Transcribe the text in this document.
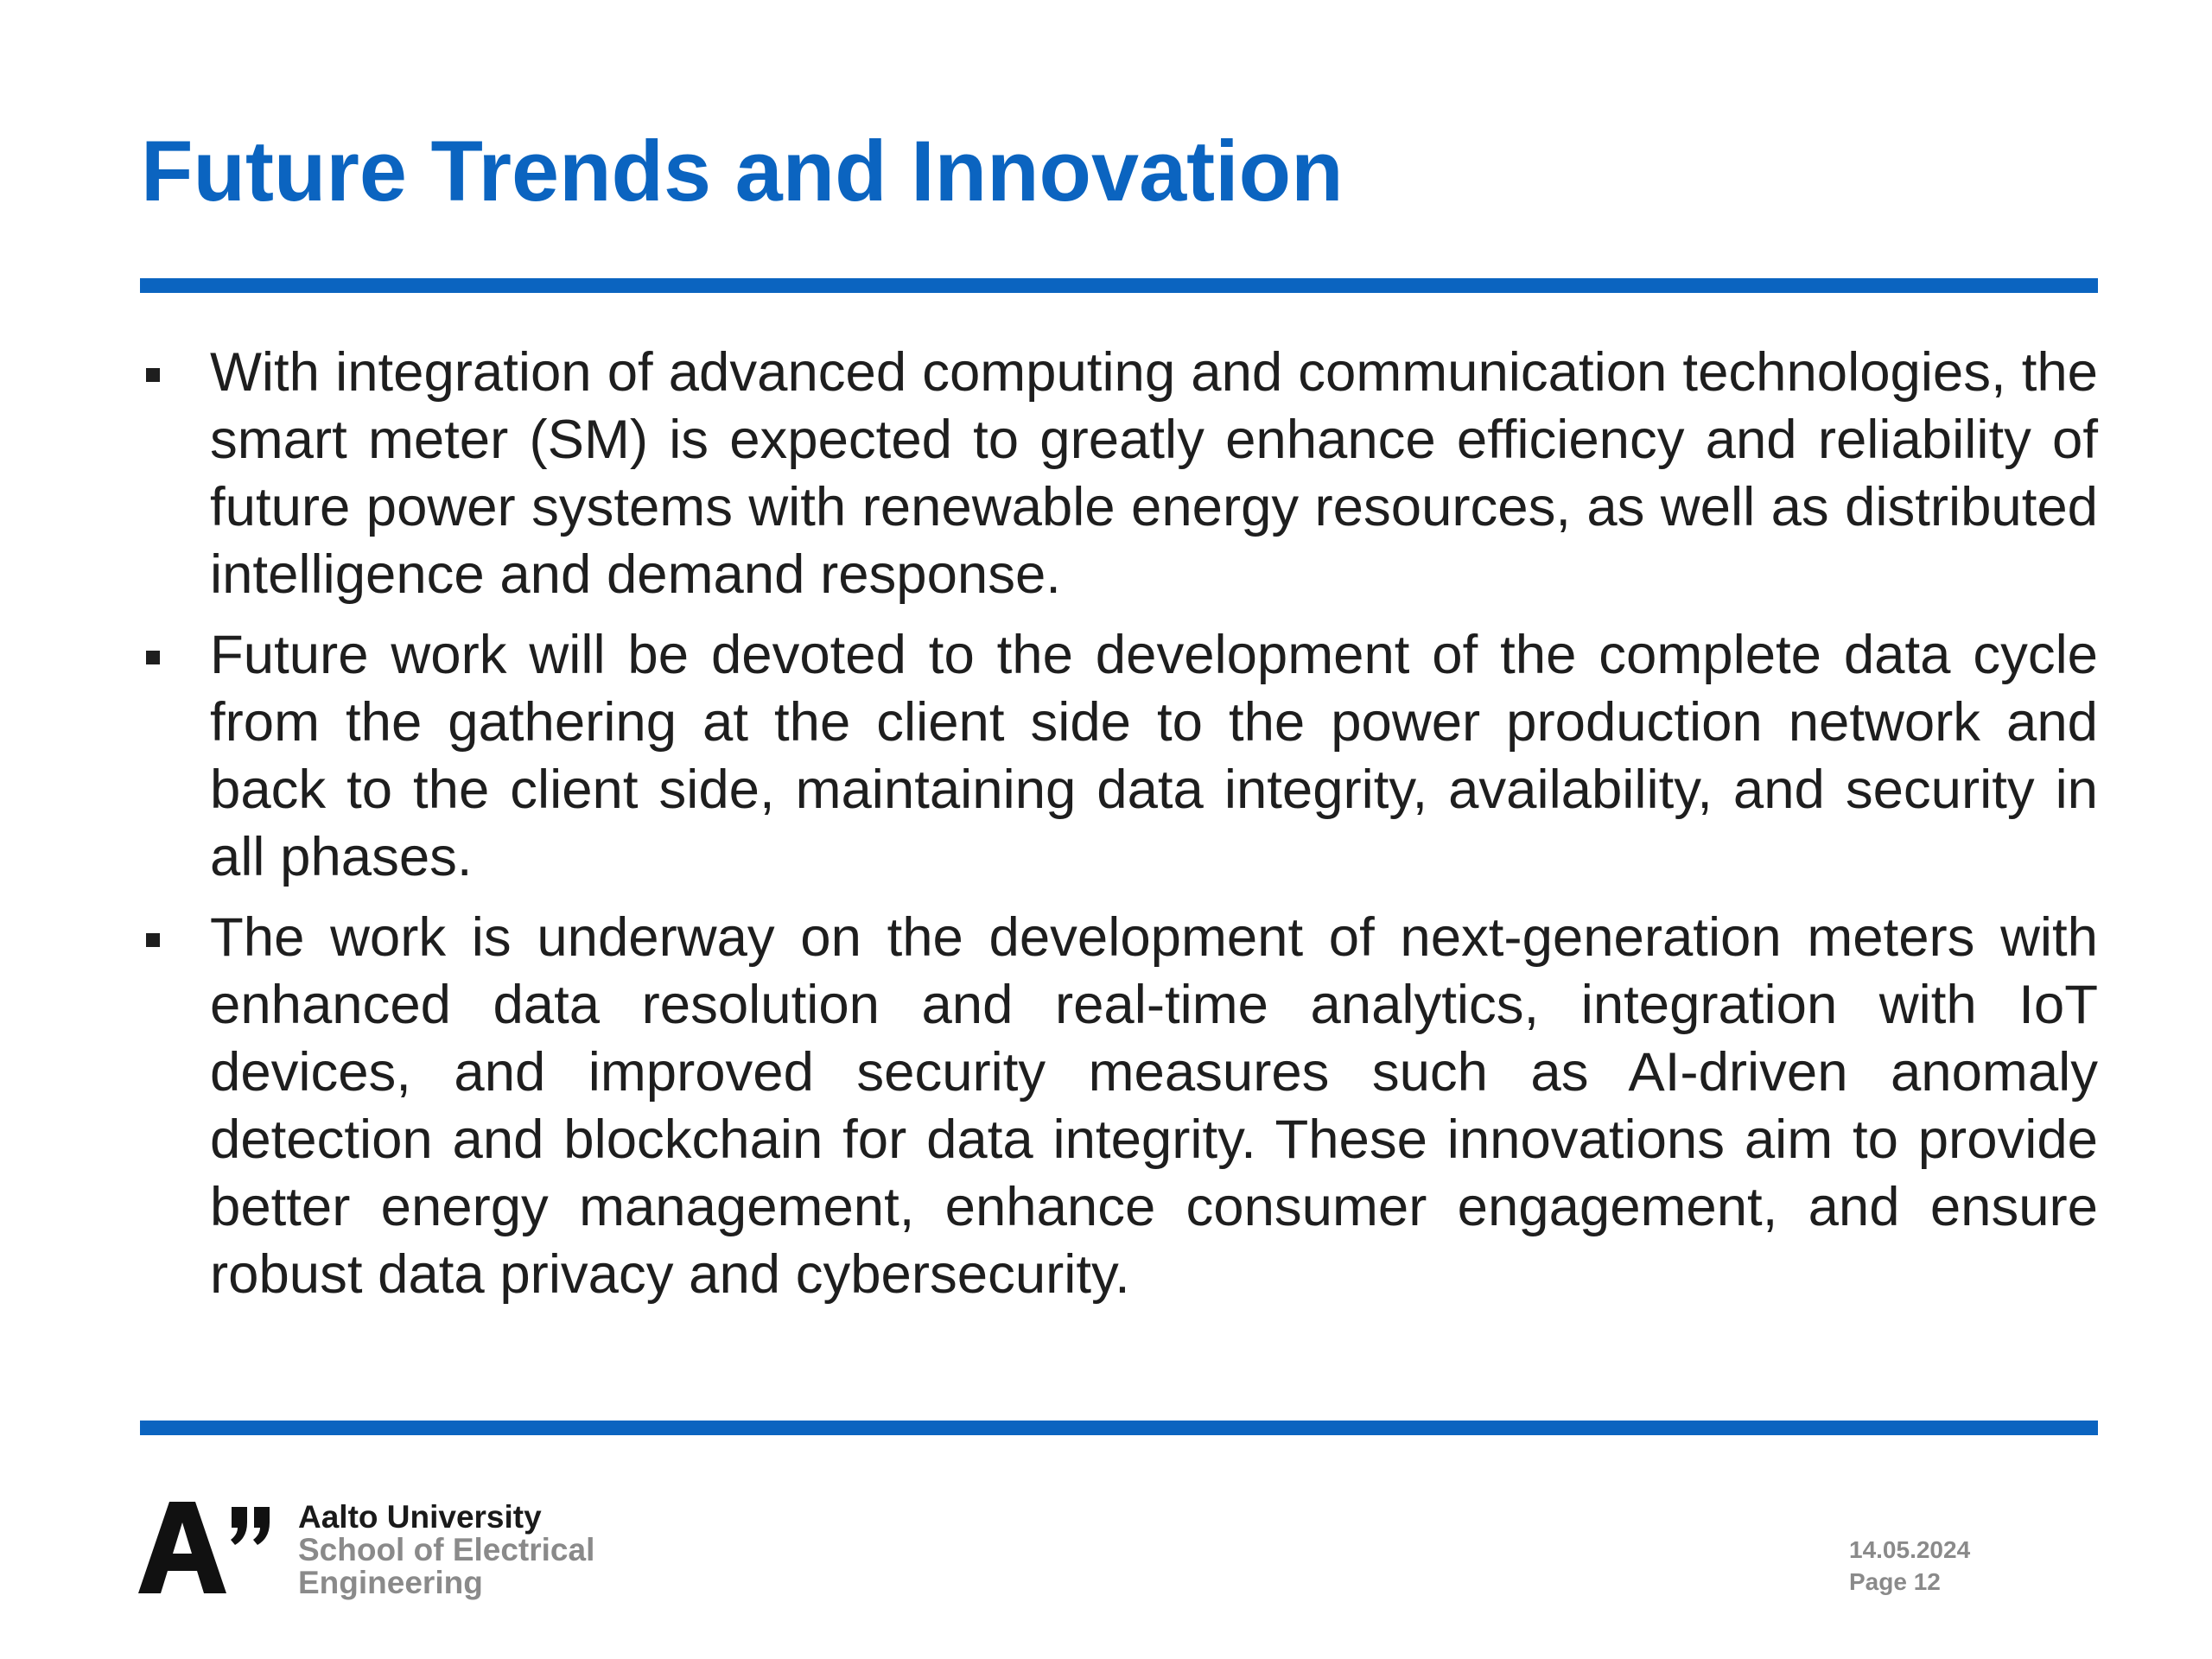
Future Trends and Innovation
With integration of advanced computing and communication technologies, the smart meter (SM) is expected to greatly enhance efficiency and reliability of future power systems with renewable energy resources, as well as distributed intelligence and demand response.
Future work will be devoted to the development of the complete data cycle from the gathering at the client side to the power production network and back to the client side, maintaining data integrity, availability, and security in all phases.
The work is underway on the development of next-generation meters with enhanced data resolution and real-time analytics, integration with IoT devices, and improved security measures such as AI-driven anomaly detection and blockchain for data integrity. These innovations aim to provide better energy management, enhance consumer engagement, and ensure robust data privacy and cybersecurity.
Aalto University
School of Electrical
Engineering
14.05.2024
Page 12
